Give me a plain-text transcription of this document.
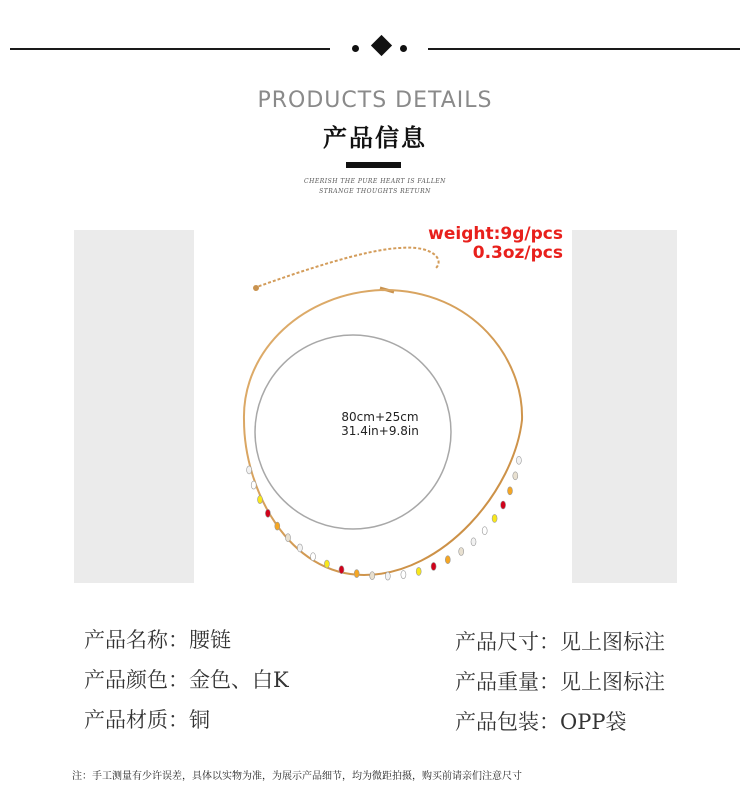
PRODUCTS DETAILS
产品信息
CHERISH THE PURE HEART IS FALLEN
STRANGE THOUGHTS RETURN
weight:9g/pcs
0.3oz/pcs
80cm+25cm
31.4in+9.8in
产品名称：腰链
产品颜色：金色、白K
产品材质：铜
产品尺寸：见上图标注
产品重量：见上图标注
产品包装：OPP袋
注：手工测量有少许误差，具体以实物为准，为展示产品细节，均为微距拍摄，购买前请亲们注意尺寸
